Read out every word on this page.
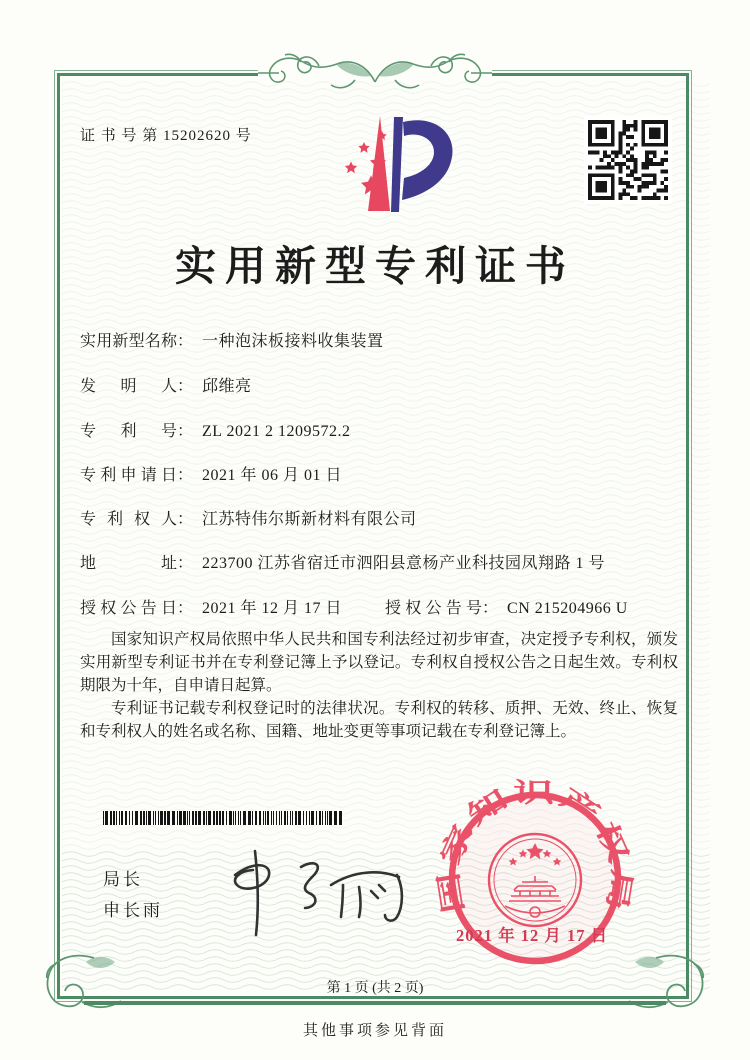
证 书 号 第 15202620 号
实用新型专利证书
实用新型名称： 一种泡沫板接料收集装置
发明人： 邱维亮
专利号： ZL 2021 2 1209572.2
专利申请日： 2021 年 06 月 01 日
专利权人： 江苏特伟尔斯新材料有限公司
地址： 223700 江苏省宿迁市泗阳县意杨产业科技园凤翔路 1 号
授权公告日： 2021 年 12 月 17 日	授权公告号： CN 215204966 U

国家知识产权局依照中华人民共和国专利法经过初步审查，决定授予专利权，颁发实用新型专利证书并在专利登记簿上予以登记。专利权自授权公告之日起生效。专利权期限为十年，自申请日起算。

专利证书记载专利权登记时的法律状况。专利权的转移、质押、无效、终止、恢复和专利权人的姓名或名称、国籍、地址变更等事项记载在专利登记簿上。

局长
申长雨	国家知识产权局
2021 年 12 月 17 日
第 1 页 (共 2 页)
其他事项参见背面
